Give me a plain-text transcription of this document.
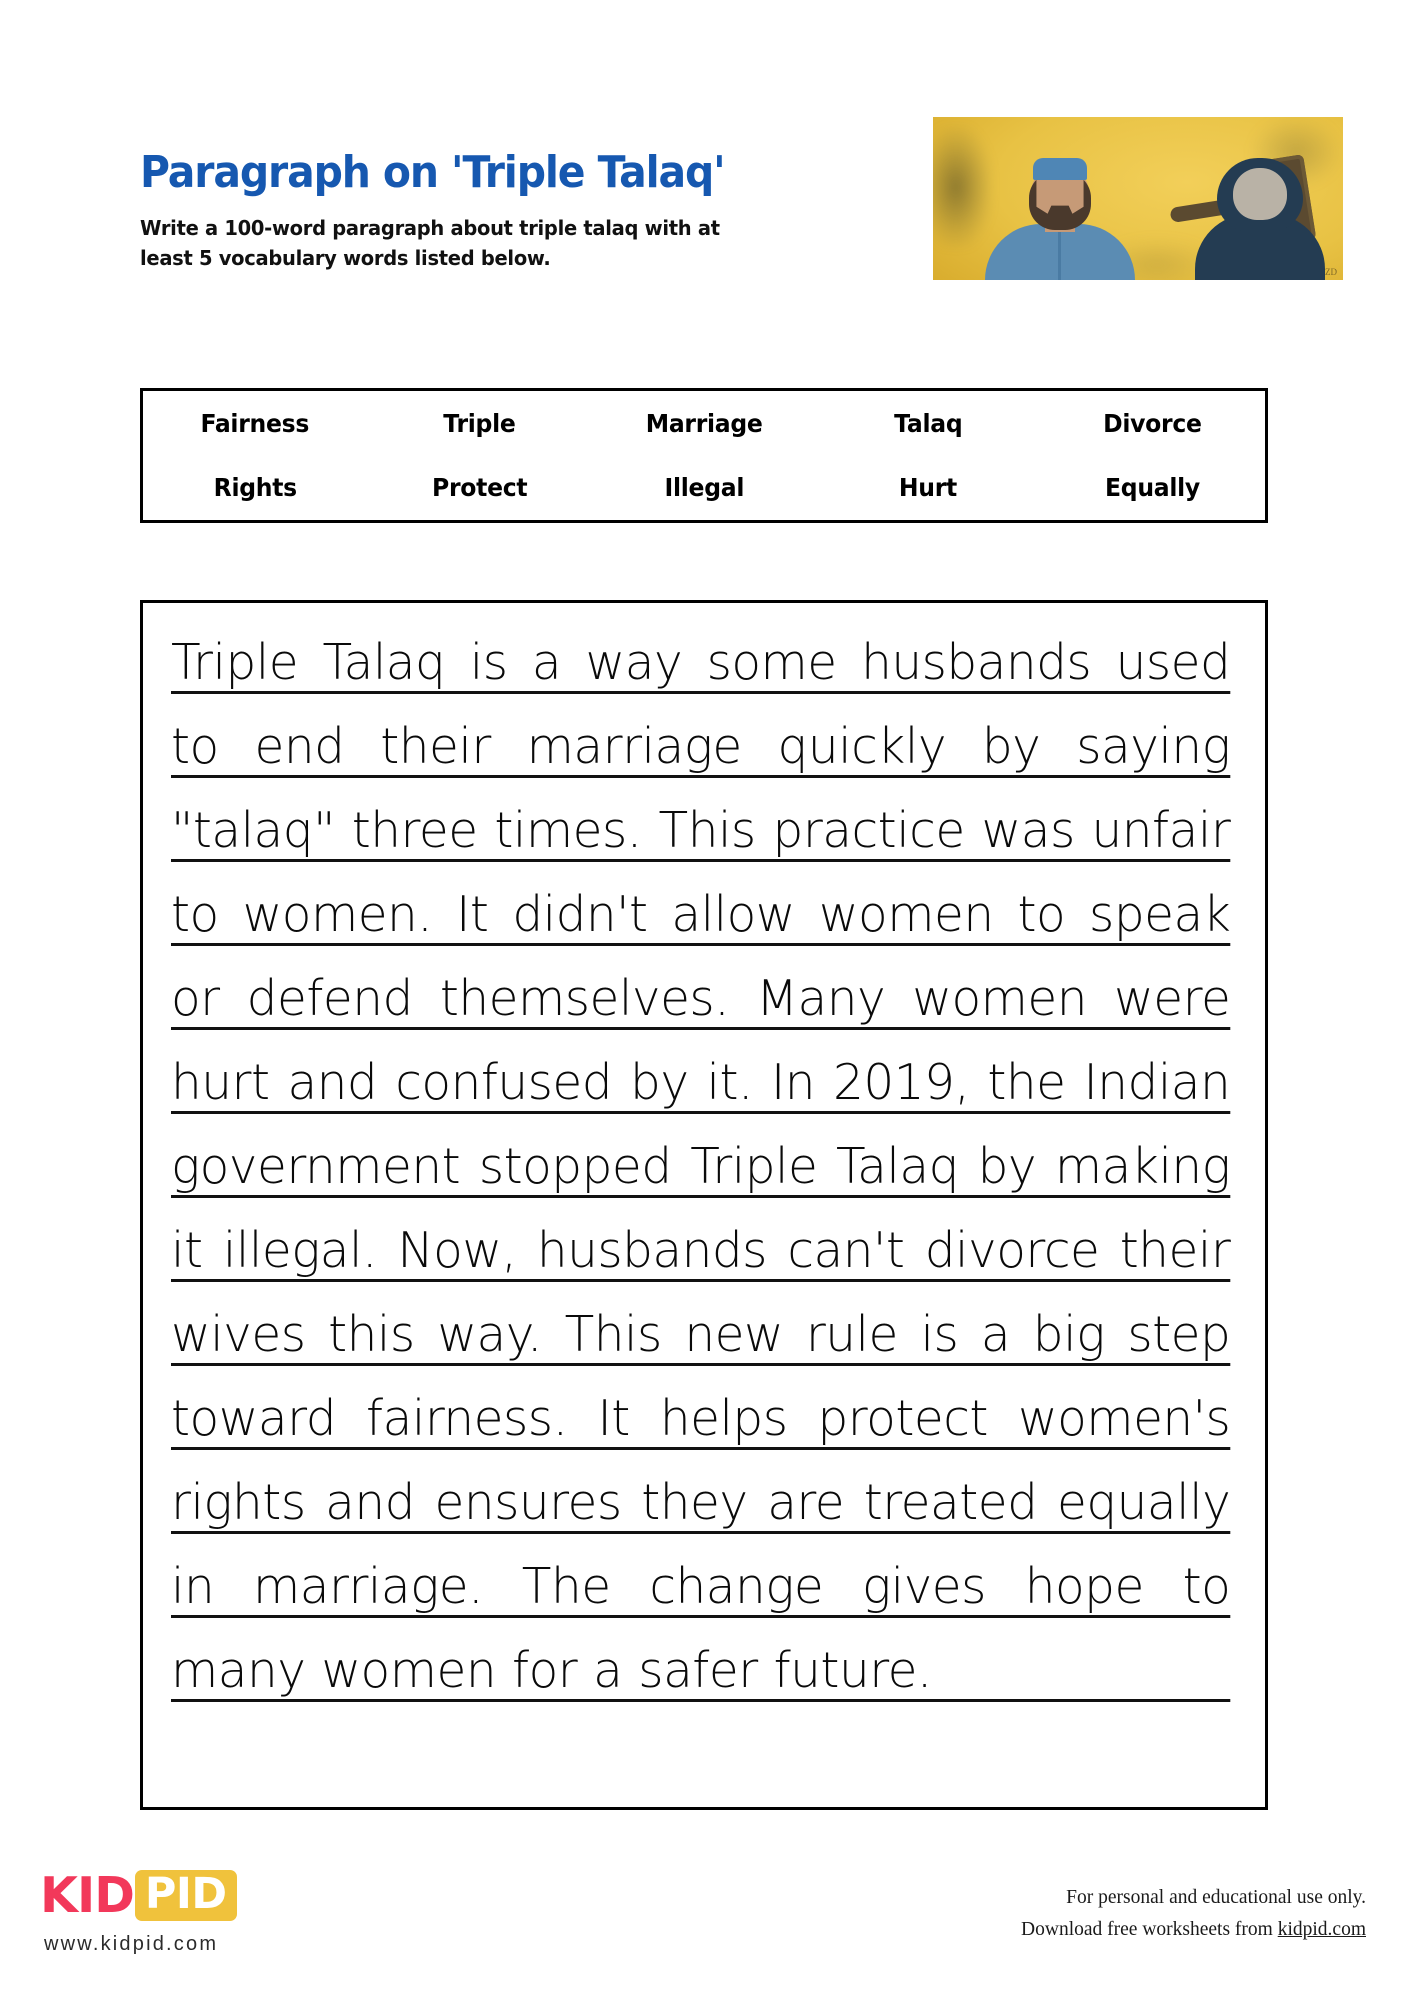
Paragraph on 'Triple Talaq'

Write a 100-word paragraph about triple talaq with at least 5 vocabulary words listed below.

ZD
Fairness	Triple	Marriage	Talaq	Divorce
Rights	Protect	Illegal	Hurt	Equally

Triple Talaq is a way some husbands used to end their marriage quickly by saying "talaq" three times. This practice was unfair to women. It didn't allow women to speak or defend themselves. Many women were hurt and confused by it. In 2019, the Indian government stopped Triple Talaq by making it illegal. Now, husbands can't divorce their wives this way. This new rule is a big step toward fairness. It helps protect women's rights and ensures they are treated equally in marriage. The change gives hope to many women for a safer future.

KID PID
www.kidpid.com
For personal and educational use only.
Download free worksheets from kidpid.com
